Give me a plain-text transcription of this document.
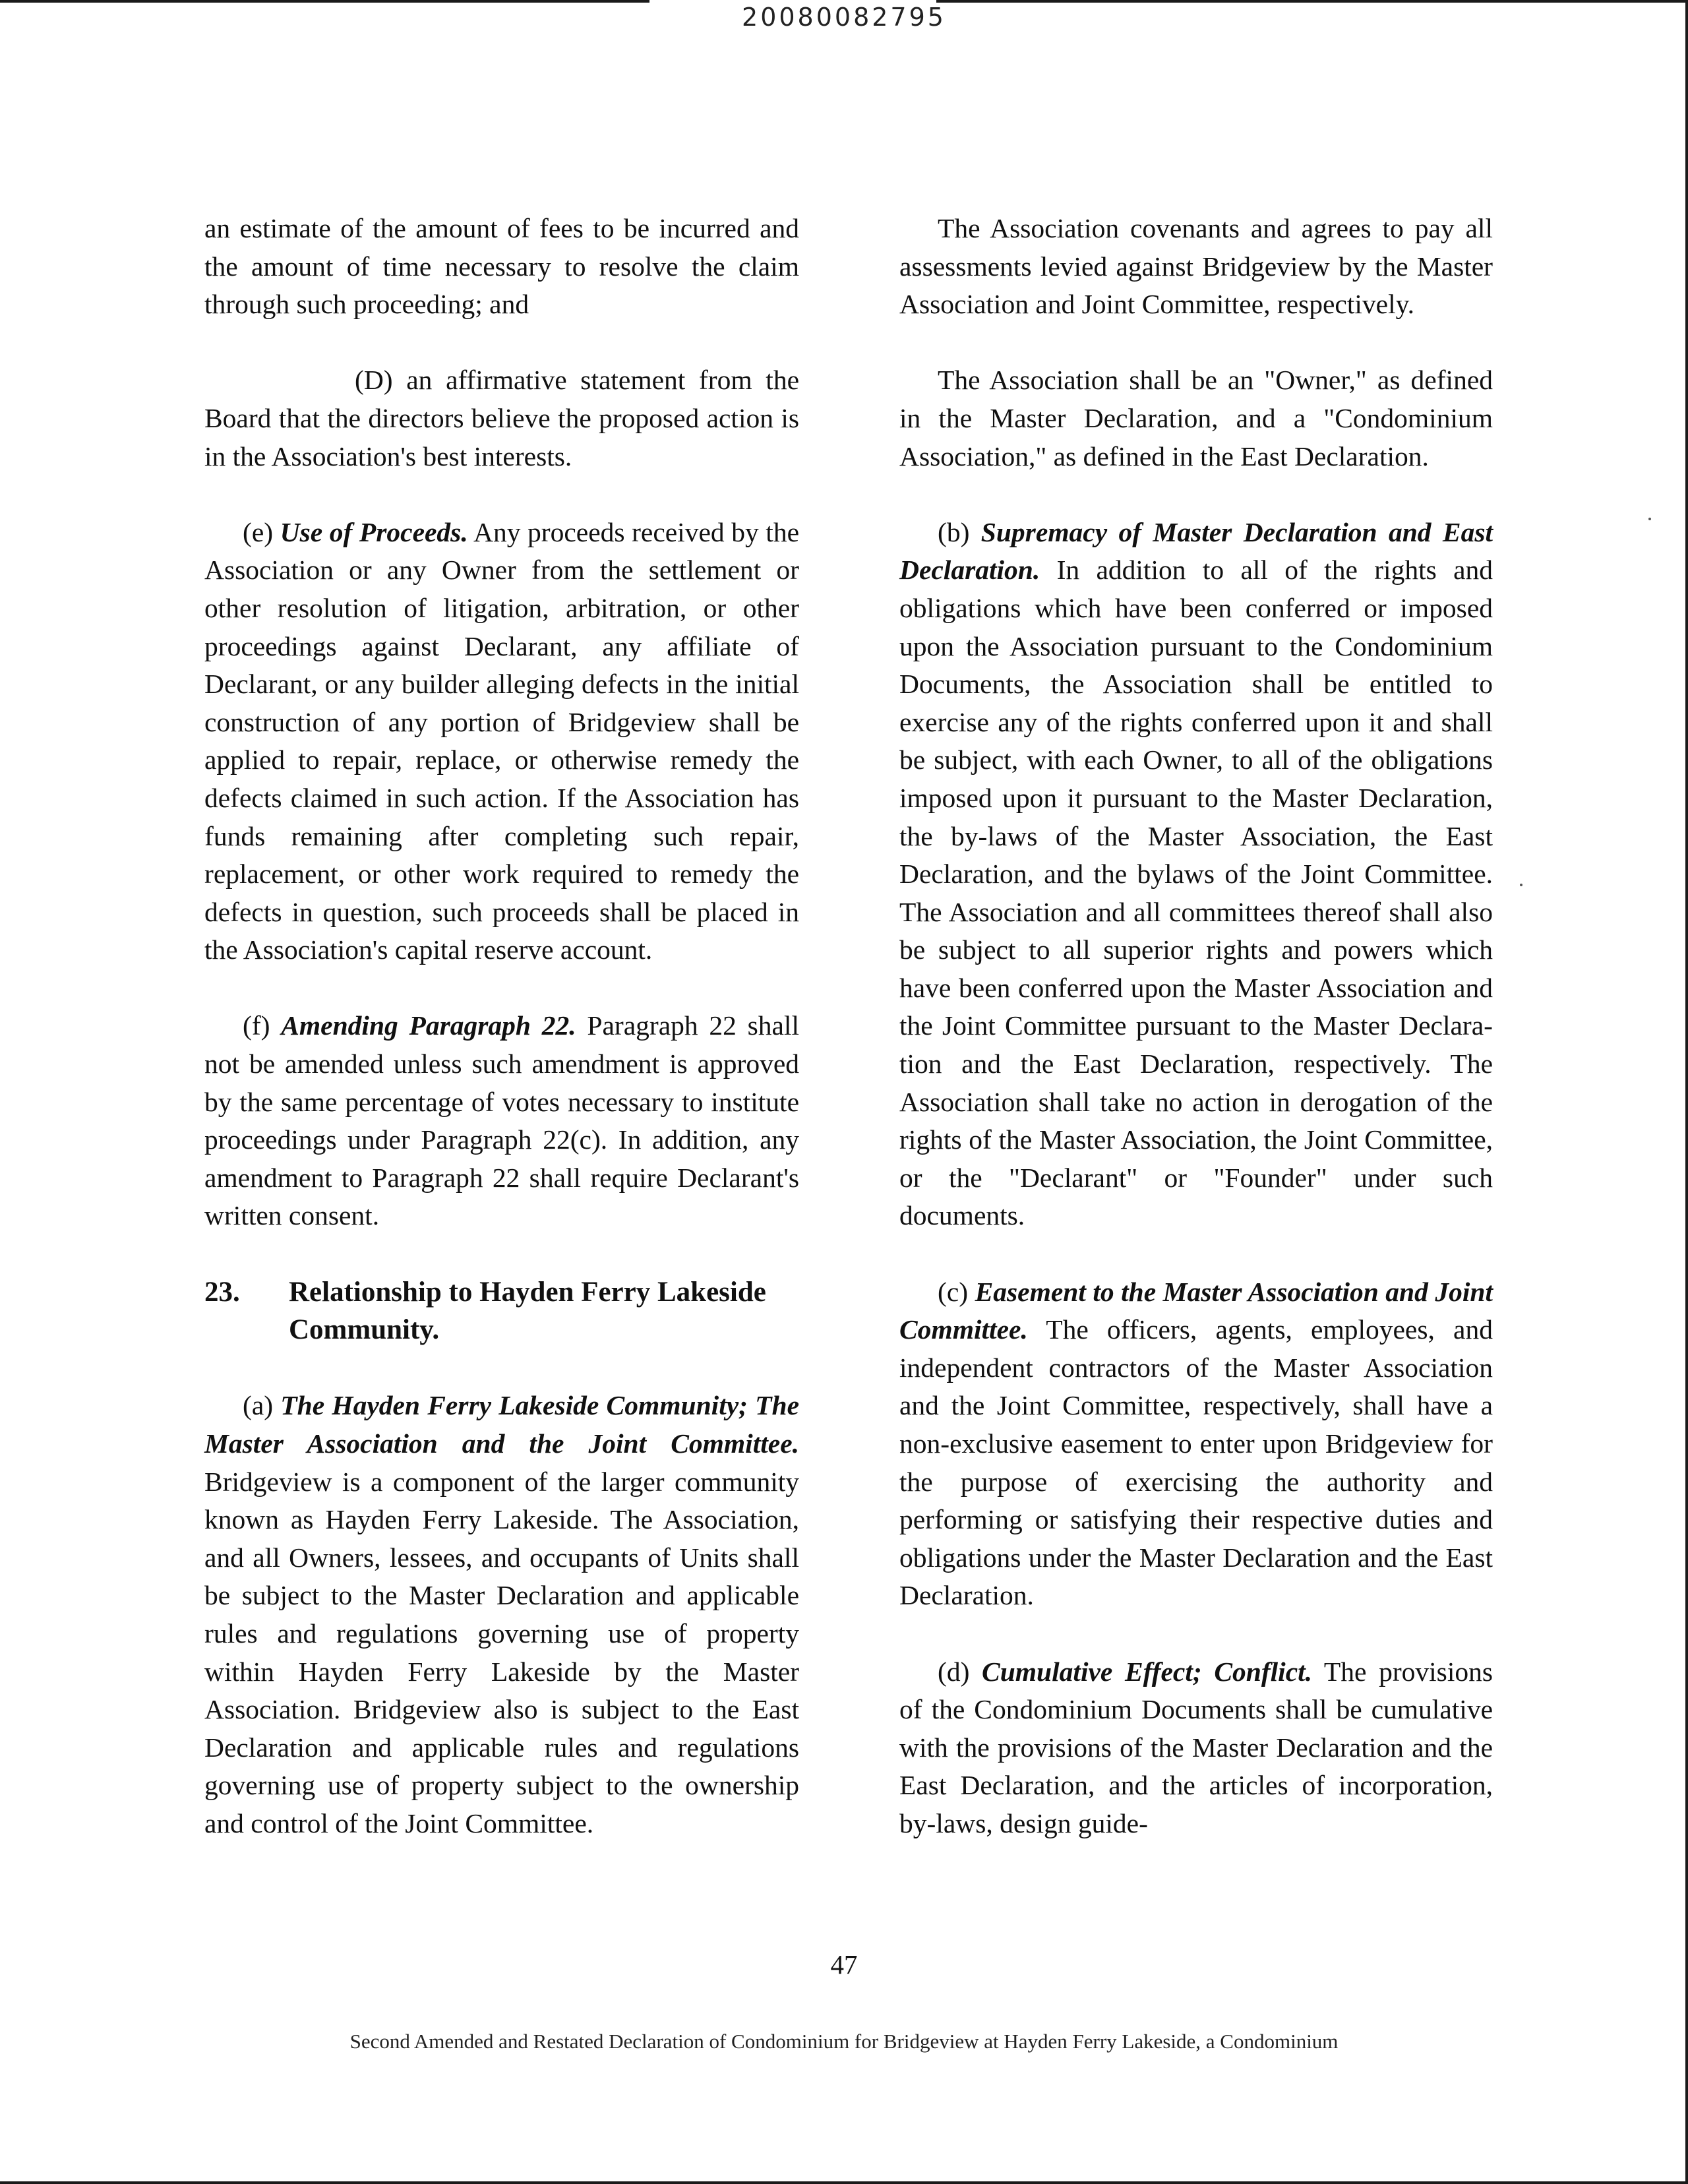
20080082795

an estimate of the amount of fees to be incurred and the amount of time necessary to resolve the claim through such proceeding; and

(D) an affirmative statement from the Board that the directors believe the proposed action is in the Association's best interests.

(e) Use of Proceeds. Any proceeds received by the Association or any Owner from the settlement or other resolution of litigation, arbitration, or other proceedings against Declarant, any affiliate of Declarant, or any builder alleging defects in the initial construction of any portion of Bridgeview shall be applied to repair, replace, or otherwise remedy the defects claimed in such action. If the Association has funds remaining after completing such repair, replacement, or other work required to remedy the defects in question, such proceeds shall be placed in the Association's capital reserve account.

(f) Amending Paragraph 22. Paragraph 22 shall not be amended unless such amendment is approved by the same percentage of votes necessary to institute proceedings under Paragraph 22(c). In addition, any amendment to Paragraph 22 shall require Declarant's written consent.

23.	Relationship to Hayden Ferry Lakeside Community.

(a) The Hayden Ferry Lakeside Community; The Master Association and the Joint Committee. Bridgeview is a component of the larger community known as Hayden Ferry Lakeside. The Association, and all Owners, lessees, and occupants of Units shall be subject to the Master Declaration and applicable rules and regulations governing use of property within Hayden Ferry Lakeside by the Master Association. Bridgeview also is subject to the East Declaration and applicable rules and regulations governing use of property subject to the ownership and control of the Joint Committee.

The Association covenants and agrees to pay all assessments levied against Bridgeview by the Master Association and Joint Committee, respectively.

The Association shall be an "Owner," as defined in the Master Declaration, and a "Condominium Association," as defined in the East Declaration.

(b) Supremacy of Master Declaration and East Declaration. In addition to all of the rights and obligations which have been conferred or imposed upon the Association pursuant to the Condominium Documents, the Association shall be entitled to exercise any of the rights conferred upon it and shall be subject, with each Owner, to all of the obligations imposed upon it pursuant to the Master Declaration, the by-laws of the Master Association, the East Declaration, and the bylaws of the Joint Committee. The Association and all committees thereof shall also be subject to all superior rights and powers which have been conferred upon the Master Association and the Joint Committee pursuant to the Master Declaration and the East Declaration, respectively. The Association shall take no action in derogation of the rights of the Master Association, the Joint Committee, or the "Declarant" or "Founder" under such documents.

(c) Easement to the Master Association and Joint Committee. The officers, agents, employees, and independent contractors of the Master Association and the Joint Committee, respectively, shall have a non-exclusive easement to enter upon Bridgeview for the purpose of exercising the authority and performing or satisfying their respective duties and obligations under the Master Declaration and the East Declaration.

(d) Cumulative Effect; Conflict. The provisions of the Condominium Documents shall be cumulative with the provisions of the Master Declaration and the East Declaration, and the articles of incorporation, by-laws, design guide-

47
Second Amended and Restated Declaration of Condominium for Bridgeview at Hayden Ferry Lakeside, a Condominium
